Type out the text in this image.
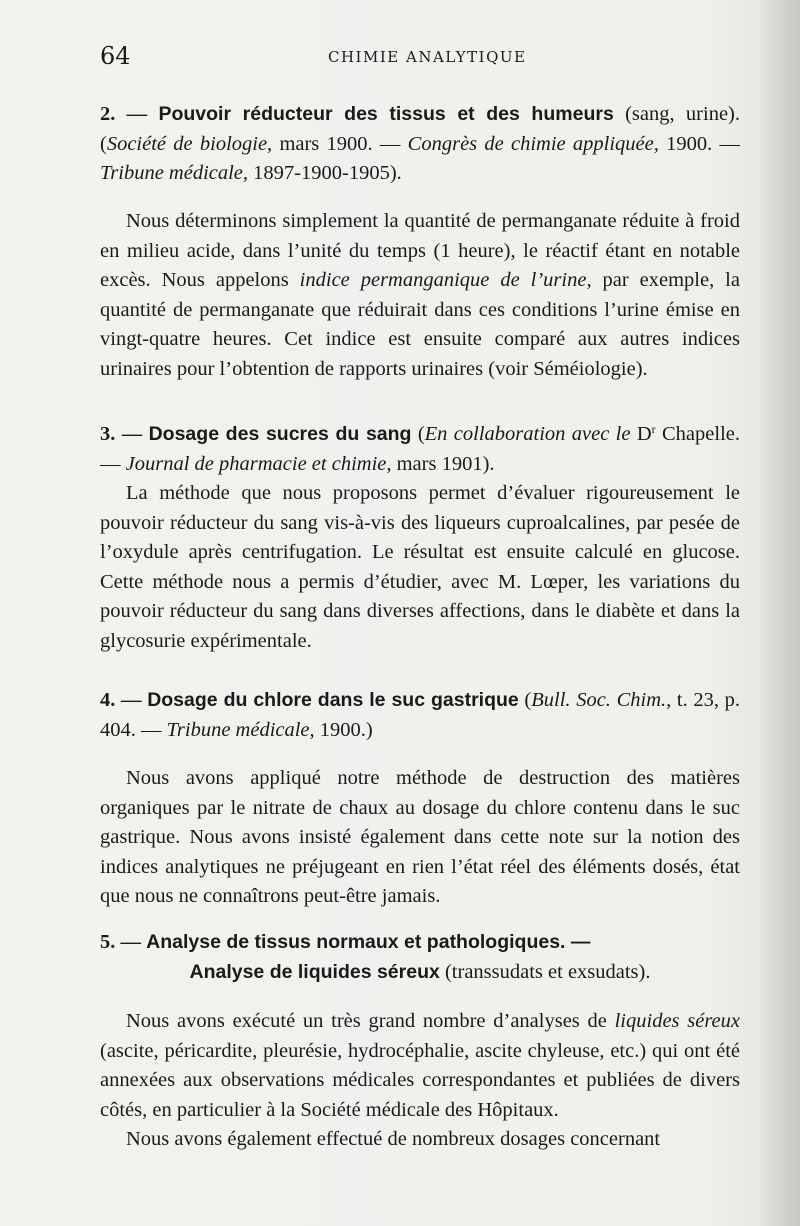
64	CHIMIE ANALYTIQUE

2. — Pouvoir réducteur des tissus et des humeurs (sang, urine). (Société de biologie, mars 1900. — Congrès de chimie appliquée, 1900. — Tribune médicale, 1897-1900-1905).

Nous déterminons simplement la quantité de permanganate réduite à froid en milieu acide, dans l’unité du temps (1 heure), le réactif étant en notable excès. Nous appelons indice permanganique de l’urine, par exemple, la quantité de permanganate que réduirait dans ces conditions l’urine émise en vingt-quatre heures. Cet indice est ensuite comparé aux autres indices urinaires pour l’obtention de rapports urinaires (voir Séméiologie).

3. — Dosage des sucres du sang (En collaboration avec le $D^r$ Chapelle. — Journal de pharmacie et chimie, mars 1901).

La méthode que nous proposons permet d’évaluer rigoureusement le pouvoir réducteur du sang vis-à-vis des liqueurs cuproalcalines, par pesée de l’oxydule après centrifugation. Le résultat est ensuite calculé en glucose. Cette méthode nous a permis d’étudier, avec M. Lœper, les variations du pouvoir réducteur du sang dans diverses affections, dans le diabète et dans la glycosurie expérimentale.

4. — Dosage du chlore dans le suc gastrique (Bull. Soc. Chim., t. 23, p. 404. — Tribune médicale, 1900.)

Nous avons appliqué notre méthode de destruction des matières organiques par le nitrate de chaux au dosage du chlore contenu dans le suc gastrique. Nous avons insisté également dans cette note sur la notion des indices analytiques ne préjugeant en rien l’état réel des éléments dosés, état que nous ne connaîtrons peut-être jamais.

5. — Analyse de tissus normaux et pathologiques. —

Analyse de liquides séreux (transsudats et exsudats).

Nous avons exécuté un très grand nombre d’analyses de liquides séreux (ascite, péricardite, pleurésie, hydrocéphalie, ascite chyleuse, etc.) qui ont été annexées aux observations médicales correspondantes et publiées de divers côtés, en particulier à la Société médicale des Hôpitaux.

Nous avons également effectué de nombreux dosages concernant
